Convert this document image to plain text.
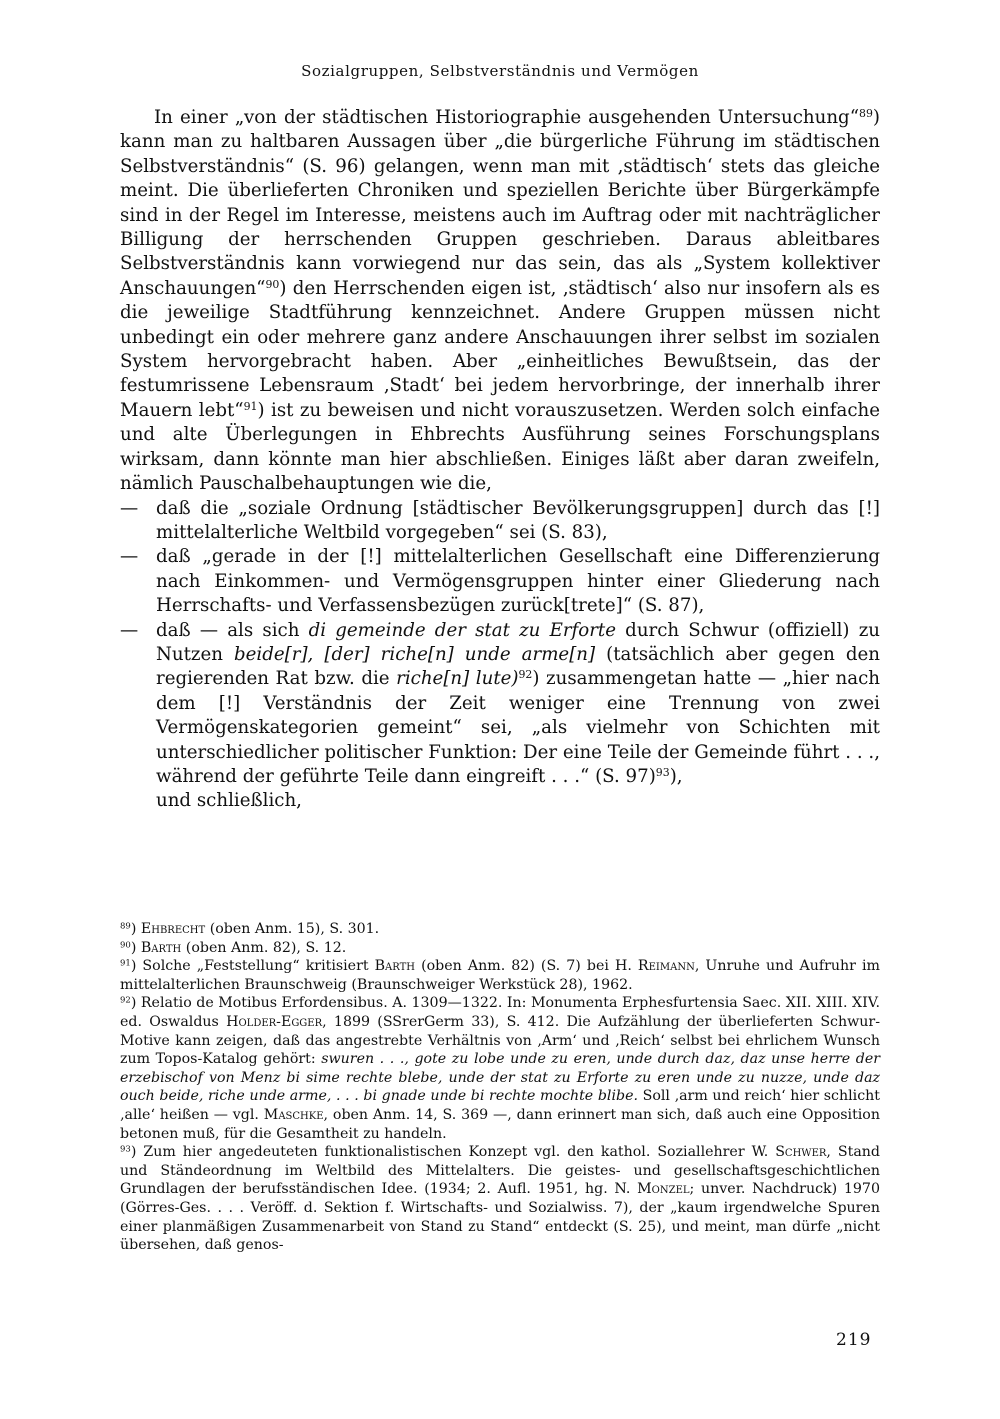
Sozialgruppen, Selbstverständnis und Vermögen

In einer „von der städtischen Historiographie ausgehenden Untersuchung“$^{89}$) kann man zu haltbaren Aussagen über „die bürgerliche Führung im städtischen Selbstverständnis“ (S. 96) gelangen, wenn man mit ‚städtisch‘ stets das gleiche meint. Die überlieferten Chroniken und speziellen Berichte über Bürgerkämpfe sind in der Regel im Interesse, meistens auch im Auftrag oder mit nachträglicher Billigung der herrschenden Gruppen geschrieben. Daraus ableitbares Selbstverständnis kann vorwiegend nur das sein, das als „System kollektiver Anschauungen“$^{90}$) den Herrschenden eigen ist, ‚städtisch‘ also nur insofern als es die jeweilige Stadtführung kennzeichnet. Andere Gruppen müssen nicht unbedingt ein oder mehrere ganz andere Anschauungen ihrer selbst im sozialen System hervorgebracht haben. Aber „einheitliches Bewußtsein, das der festumrissene Lebensraum ‚Stadt‘ bei jedem hervorbringe, der innerhalb ihrer Mauern lebt“$^{91}$) ist zu beweisen und nicht vorauszusetzen. Werden solch einfache und alte Überlegungen in Ehbrechts Ausführung seines Forschungsplans wirksam, dann könnte man hier abschließen. Einiges läßt aber daran zweifeln, nämlich Pauschalbehauptungen wie die,

— daß die „soziale Ordnung [städtischer Bevölkerungsgruppen] durch das [!] mittelalterliche Weltbild vorgegeben“ sei (S. 83),
— daß „gerade in der [!] mittelalterlichen Gesellschaft eine Differenzierung nach Einkommen- und Vermögensgruppen hinter einer Gliederung nach Herrschafts- und Verfassensbezügen zurück[trete]“ (S. 87),
— daß — als sich di gemeinde der stat zu Erforte durch Schwur (offiziell) zu Nutzen beide[r], [der] riche[n] unde arme[n] (tatsächlich aber gegen den regierenden Rat bzw. die riche[n] lute)$^{92}$) zusammengetan hatte — „hier nach dem [!] Verständnis der Zeit weniger eine Trennung von zwei Vermögenskategorien gemeint“ sei, „als vielmehr von Schichten mit unterschiedlicher politischer Funktion: Der eine Teile der Gemeinde führt . . ., während der geführte Teile dann eingreift . . .“ (S. 97)$^{93}$),

und schließlich,

$^{89}$) Ehbrecht (oben Anm. 15), S. 301.

$^{90}$) Barth (oben Anm. 82), S. 12.

$^{91}$) Solche „Feststellung“ kritisiert Barth (oben Anm. 82) (S. 7) bei H. Reimann, Unruhe und Aufruhr im mittelalterlichen Braunschweig (Braunschweiger Werkstück 28), 1962.

$^{92}$) Relatio de Motibus Erfordensibus. A. 1309—1322. In: Monumenta Erphesfurtensia Saec. XII. XIII. XIV. ed. Oswaldus Holder-Egger, 1899 (SSrerGerm 33), S. 412. Die Aufzählung der überlieferten Schwur-Motive kann zeigen, daß das angestrebte Verhältnis von ‚Arm‘ und ‚Reich‘ selbst bei ehrlichem Wunsch zum Topos-Katalog gehört: swuren . . ., gote zu lobe unde zu eren, unde durch daz, daz unse herre der erzebischof von Menz bi sime rechte blebe, unde der stat zu Erforte zu eren unde zu nuzze, unde daz ouch beide, riche unde arme, . . . bi gnade unde bi rechte mochte blibe. Soll ‚arm und reich‘ hier schlicht ‚alle‘ heißen — vgl. Maschke, oben Anm. 14, S. 369 —, dann erinnert man sich, daß auch eine Opposition betonen muß, für die Gesamtheit zu handeln.

$^{93}$) Zum hier angedeuteten funktionalistischen Konzept vgl. den kathol. Soziallehrer W. Schwer, Stand und Ständeordnung im Weltbild des Mittelalters. Die geistes- und gesellschaftsgeschichtlichen Grundlagen der berufsständischen Idee. (1934; 2. Aufl. 1951, hg. N. Monzel; unver. Nachdruck) 1970 (Görres-Ges. . . . Veröff. d. Sektion f. Wirtschafts- und Sozialwiss. 7), der „kaum irgendwelche Spuren einer planmäßigen Zusammenarbeit von Stand zu Stand“ entdeckt (S. 25), und meint, man dürfe „nicht übersehen, daß genos-

219
